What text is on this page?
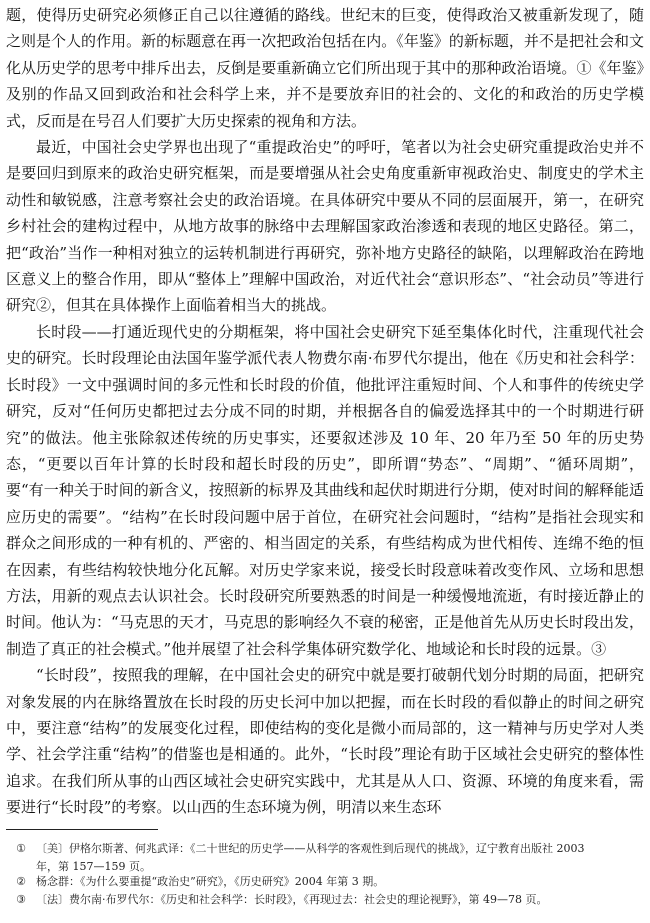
题，使得历史研究必须修正自己以往遵循的路线。世纪末的巨变，使得政治又被重新发现了，随之则是个人的作用。新的标题意在再一次把政治包括在内。《年鉴》的新标题，并不是把社会和文化从历史学的思考中排斥出去，反倒是要重新确立它们所出现于其中的那种政治语境。①《年鉴》及别的作品又回到政治和社会科学上来，并不是要放弃旧的社会的、文化的和政治的历史学模式，反而是在号召人们要扩大历史探索的视角和方法。

最近，中国社会史学界也出现了“重提政治史”的呼吁，笔者以为社会史研究重提政治史并不是要回归到原来的政治史研究框架，而是要增强从社会史角度重新审视政治史、制度史的学术主动性和敏锐感，注意考察社会史的政治语境。在具体研究中要从不同的层面展开，第一，在研究乡村社会的建构过程中，从地方故事的脉络中去理解国家政治渗透和表现的地区史路径。第二，把“政治”当作一种相对独立的运转机制进行再研究，弥补地方史路径的缺陷，以理解政治在跨地区意义上的整合作用，即从“整体上”理解中国政治，对近代社会“意识形态”、“社会动员”等进行研究②，但其在具体操作上面临着相当大的挑战。

长时段——打通近现代史的分期框架，将中国社会史研究下延至集体化时代，注重现代社会史的研究。长时段理论由法国年鉴学派代表人物费尔南·布罗代尔提出，他在《历史和社会科学：长时段》一文中强调时间的多元性和长时段的价值，他批评注重短时间、个人和事件的传统史学研究，反对“任何历史都把过去分成不同的时期，并根据各自的偏爱选择其中的一个时期进行研究”的做法。他主张除叙述传统的历史事实，还要叙述涉及 10 年、20 年乃至 50 年的历史势态，“更要以百年计算的长时段和超长时段的历史”，即所谓“势态”、“周期”、“循环周期”，要“有一种关于时间的新含义，按照新的标界及其曲线和起伏时期进行分期，使对时间的解释能适应历史的需要”。“结构”在长时段问题中居于首位，在研究社会问题时，“结构”是指社会现实和群众之间形成的一种有机的、严密的、相当固定的关系，有些结构成为世代相传、连绵不绝的恒在因素，有些结构较快地分化瓦解。对历史学家来说，接受长时段意味着改变作风、立场和思想方法，用新的观点去认识社会。长时段研究所要熟悉的时间是一种缓慢地流逝，有时接近静止的时间。他认为：“马克思的天才，马克思的影响经久不衰的秘密，正是他首先从历史长时段出发，制造了真正的社会模式。”他并展望了社会科学集体研究数学化、地域论和长时段的远景。③

“长时段”，按照我的理解，在中国社会史的研究中就是要打破朝代划分时期的局面，把研究对象发展的内在脉络置放在长时段的历史长河中加以把握，而在长时段的看似静止的时间之研究中，要注意“结构”的发展变化过程，即使结构的变化是微小而局部的，这一精神与历史学对人类学、社会学注重“结构”的借鉴也是相通的。此外，“长时段”理论有助于区域社会史研究的整体性追求。在我们所从事的山西区域社会史研究实践中，尤其是从人口、资源、环境的角度来看，需要进行“长时段”的考察。以山西的生态环境为例，明清以来生态环

① 〔美〕伊格尔斯著、何兆武译：《二十世纪的历史学——从科学的客观性到后现代的挑战》，辽宁教育出版社 2003
年，第 157—159 页。
② 杨念群：《为什么要重提“政治史”研究》，《历史研究》2004 年第 3 期。
③ 〔法〕费尔南·布罗代尔：《历史和社会科学：长时段》，《再现过去：社会史的理论视野》，第 49—78 页。
